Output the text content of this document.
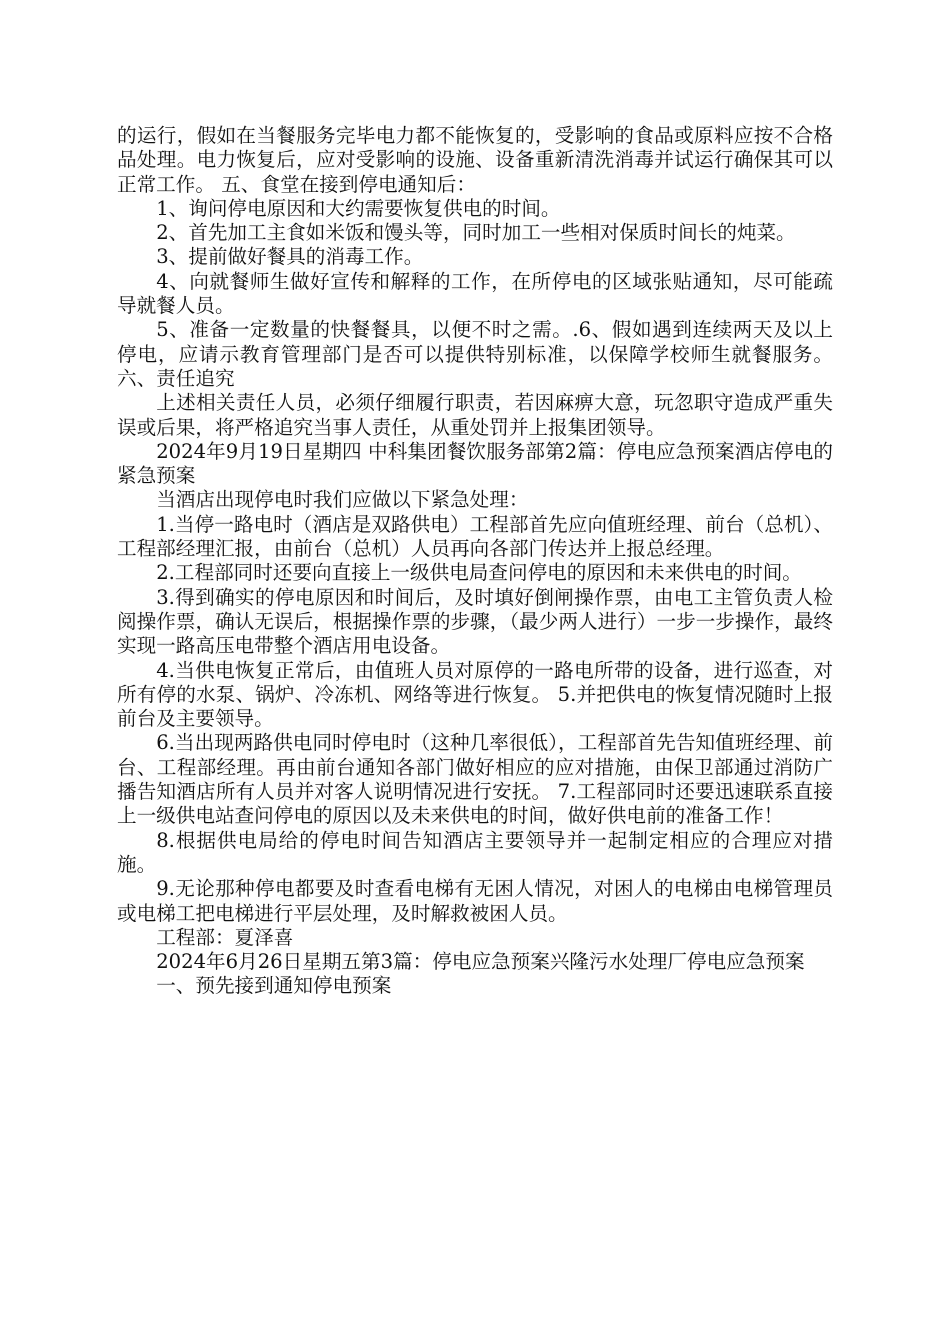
的运行，假如在当餐服务完毕电力都不能恢复的，受影响的食品或原料应按不合格品处理。电力恢复后，应对受影响的设施、设备重新清洗消毒并试运行确保其可以正常工作。 五、食堂在接到停电通知后：

1、询问停电原因和大约需要恢复供电的时间。

2、首先加工主食如米饭和馒头等，同时加工一些相对保质时间长的炖菜。

3、提前做好餐具的消毒工作。

4、向就餐师生做好宣传和解释的工作，在所停电的区域张贴通知，尽可能疏导就餐人员。

5、准备一定数量的快餐餐具，以便不时之需。.6、假如遇到连续两天及以上停电，应请示教育管理部门是否可以提供特别标准，以保障学校师生就餐服务。 六、责任追究

上述相关责任人员，必须仔细履行职责，若因麻痹大意，玩忽职守造成严重失误或后果，将严格追究当事人责任，从重处罚并上报集团领导。

2024年9月19日星期四 中科集团餐饮服务部第2篇：停电应急预案酒店停电的紧急预案

当酒店出现停电时我们应做以下紧急处理：

1.当停一路电时（酒店是双路供电）工程部首先应向值班经理、前台（总机）、工程部经理汇报，由前台（总机）人员再向各部门传达并上报总经理。

2.工程部同时还要向直接上一级供电局查问停电的原因和未来供电的时间。

3.得到确实的停电原因和时间后，及时填好倒闸操作票，由电工主管负责人检阅操作票，确认无误后，根据操作票的步骤，（最少两人进行）一步一步操作，最终实现一路高压电带整个酒店用电设备。

4.当供电恢复正常后，由值班人员对原停的一路电所带的设备，进行巡查，对所有停的水泵、锅炉、冷冻机、网络等进行恢复。 5.并把供电的恢复情况随时上报前台及主要领导。

6.当出现两路供电同时停电时（这种几率很低），工程部首先告知值班经理、前台、工程部经理。再由前台通知各部门做好相应的应对措施，由保卫部通过消防广播告知酒店所有人员并对客人说明情况进行安抚。 7.工程部同时还要迅速联系直接上一级供电站查问停电的原因以及未来供电的时间，做好供电前的准备工作！

8.根据供电局给的停电时间告知酒店主要领导并一起制定相应的合理应对措施。

9.无论那种停电都要及时查看电梯有无困人情况，对困人的电梯由电梯管理员或电梯工把电梯进行平层处理，及时解救被困人员。

工程部：夏泽喜

2024年6月26日星期五第3篇：停电应急预案兴隆污水处理厂停电应急预案

一、预先接到通知停电预案
